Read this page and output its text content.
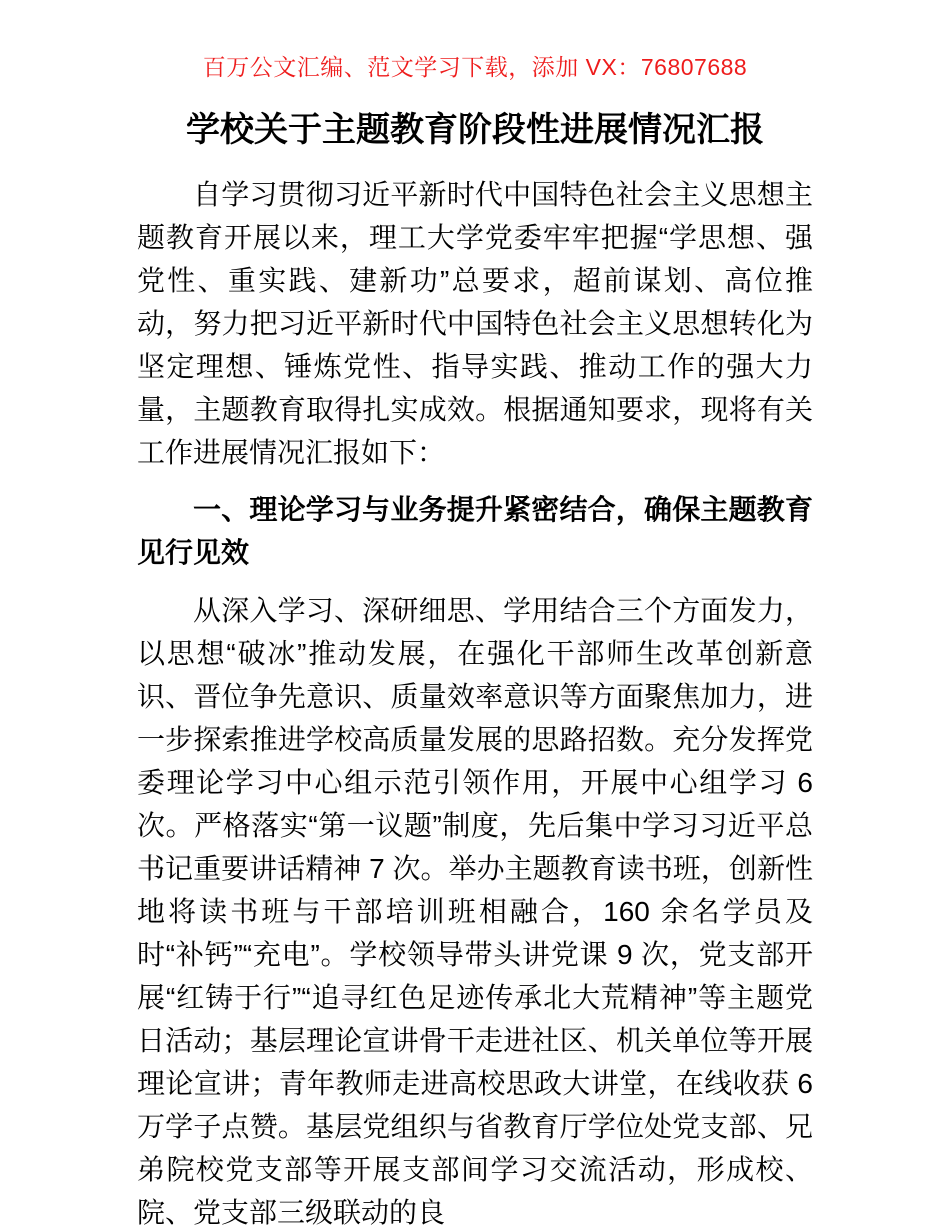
百万公文汇编、范文学习下载，添加 VX：76807688
学校关于主题教育阶段性进展情况汇报

自学习贯彻习近平新时代中国特色社会主义思想主题教育开展以来，理工大学党委牢牢把握“学思想、强党性、重实践、建新功”总要求，超前谋划、高位推动，努力把习近平新时代中国特色社会主义思想转化为坚定理想、锤炼党性、指导实践、推动工作的强大力量，主题教育取得扎实成效。根据通知要求，现将有关工作进展情况汇报如下：

一、理论学习与业务提升紧密结合，确保主题教育见行见效

从深入学习、深研细思、学用结合三个方面发力，以思想“破冰”推动发展，在强化干部师生改革创新意识、晋位争先意识、质量效率意识等方面聚焦加力，进一步探索推进学校高质量发展的思路招数。充分发挥党委理论学习中心组示范引领作用，开展中心组学习 6 次。严格落实“第一议题”制度，先后集中学习习近平总书记重要讲话精神 7 次。举办主题教育读书班，创新性地将读书班与干部培训班相融合，160 余名学员及时“补钙”“充电”。学校领导带头讲党课 9 次，党支部开展“红铸于行”“追寻红色足迹传承北大荒精神”等主题党日活动；基层理论宣讲骨干走进社区、机关单位等开展理论宣讲；青年教师走进高校思政大讲堂，在线收获 6 万学子点赞。基层党组织与省教育厅学位处党支部、兄弟院校党支部等开展支部间学习交流活动，形成校、院、党支部三级联动的良
